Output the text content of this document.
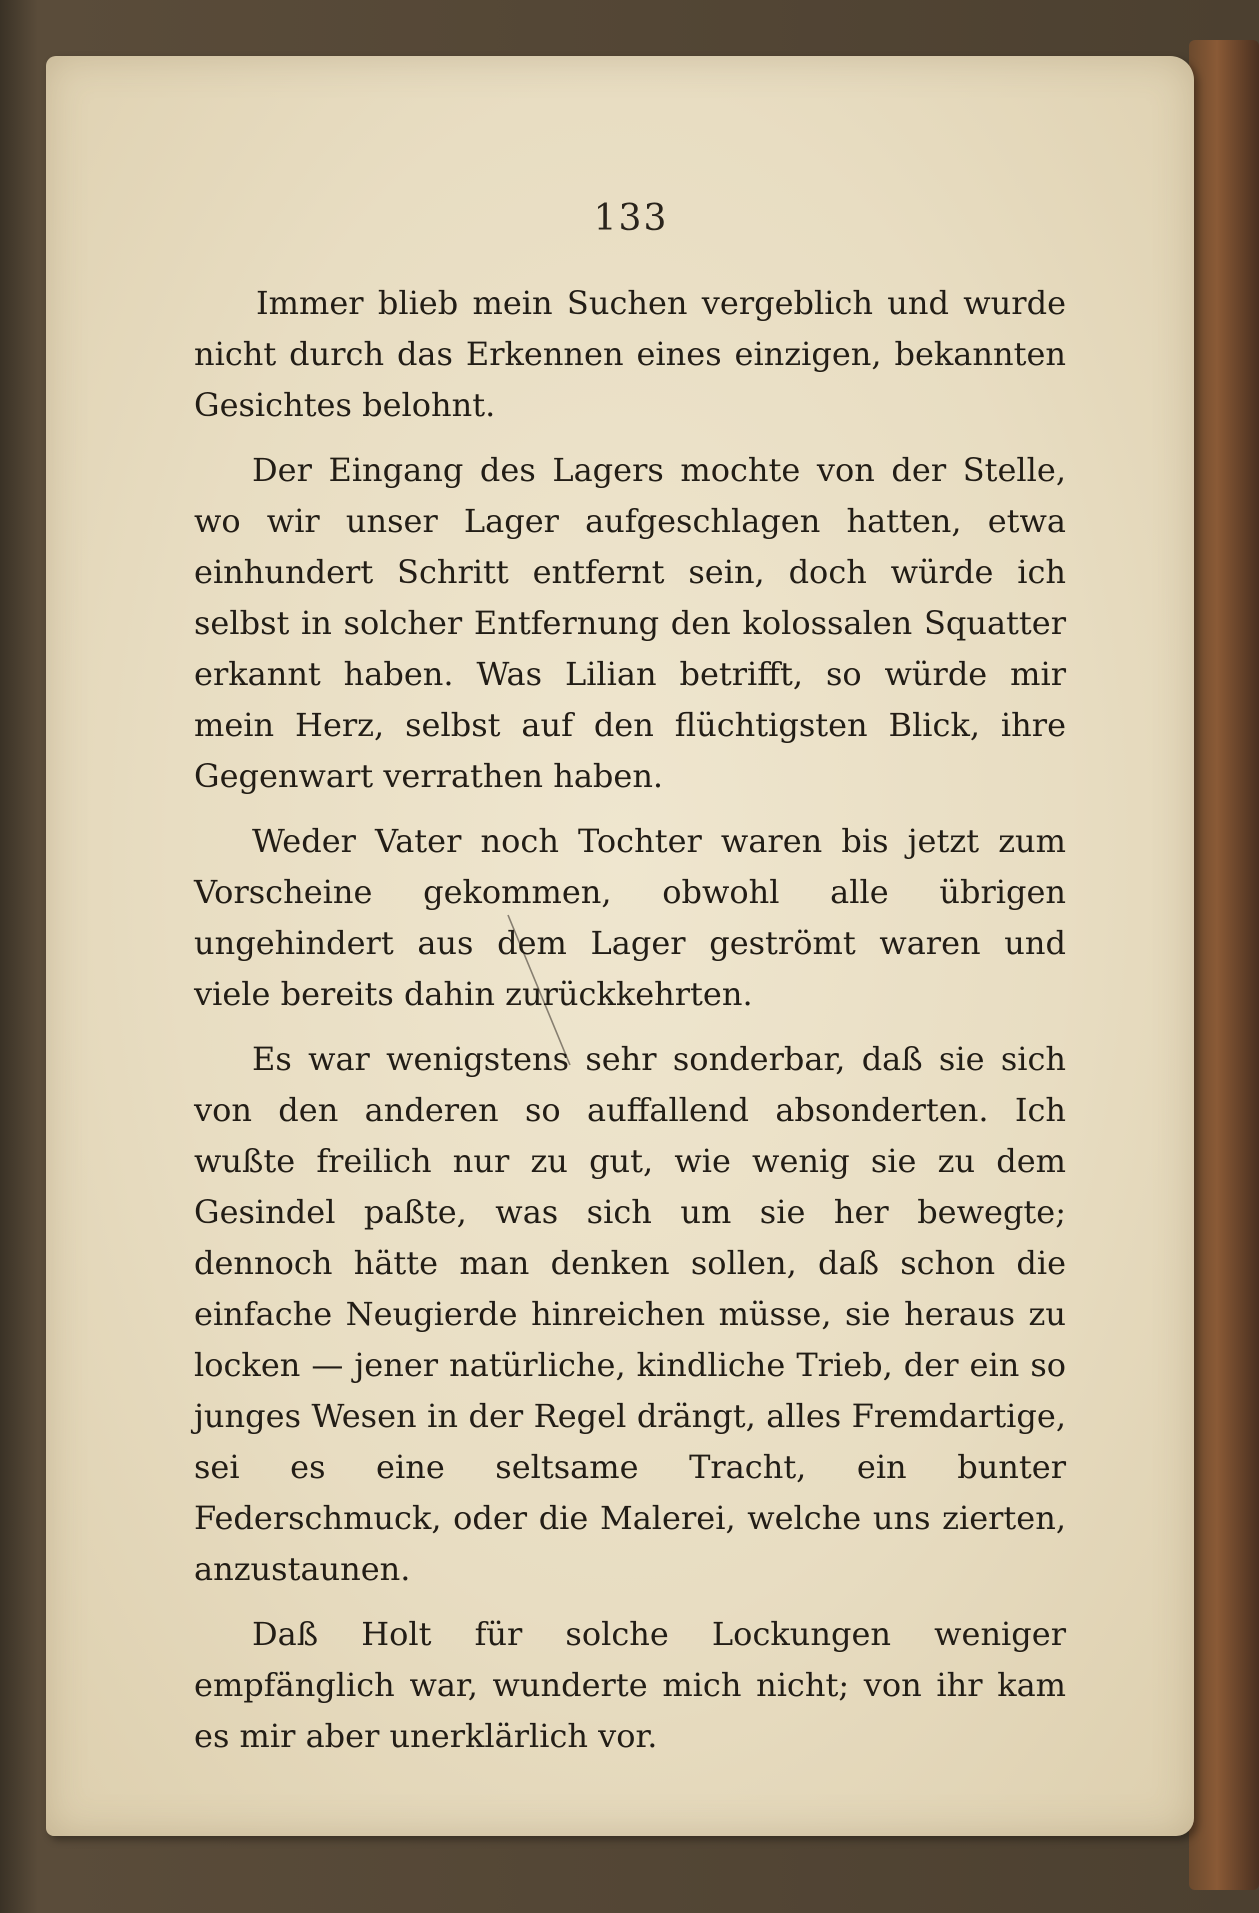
133

Immer blieb mein Suchen vergeblich und wurde nicht durch das Erkennen eines einzigen, bekannten Gesichtes belohnt.

Der Eingang des Lagers mochte von der Stelle, wo wir unser Lager aufgeschlagen hatten, etwa einhundert Schritt entfernt sein, doch würde ich selbst in solcher Entfernung den kolossalen Squatter erkannt haben. Was Lilian betrifft, so würde mir mein Herz, selbst auf den flüchtigsten Blick, ihre Gegenwart verrathen haben.

Weder Vater noch Tochter waren bis jetzt zum Vorscheine gekommen, obwohl alle übrigen ungehindert aus dem Lager geströmt waren und viele bereits dahin zurückkehrten.

Es war wenigstens sehr sonderbar, daß sie sich von den anderen so auffallend absonderten. Ich wußte freilich nur zu gut, wie wenig sie zu dem Gesindel paßte, was sich um sie her bewegte; dennoch hätte man denken sollen, daß schon die einfache Neugierde hinreichen müsse, sie heraus zu locken — jener natürliche, kindliche Trieb, der ein so junges Wesen in der Regel drängt, alles Fremdartige, sei es eine seltsame Tracht, ein bunter Federschmuck, oder die Malerei, welche uns zierten, anzustaunen.

Daß Holt für solche Lockungen weniger empfänglich war, wunderte mich nicht; von ihr kam es mir aber unerklärlich vor.
